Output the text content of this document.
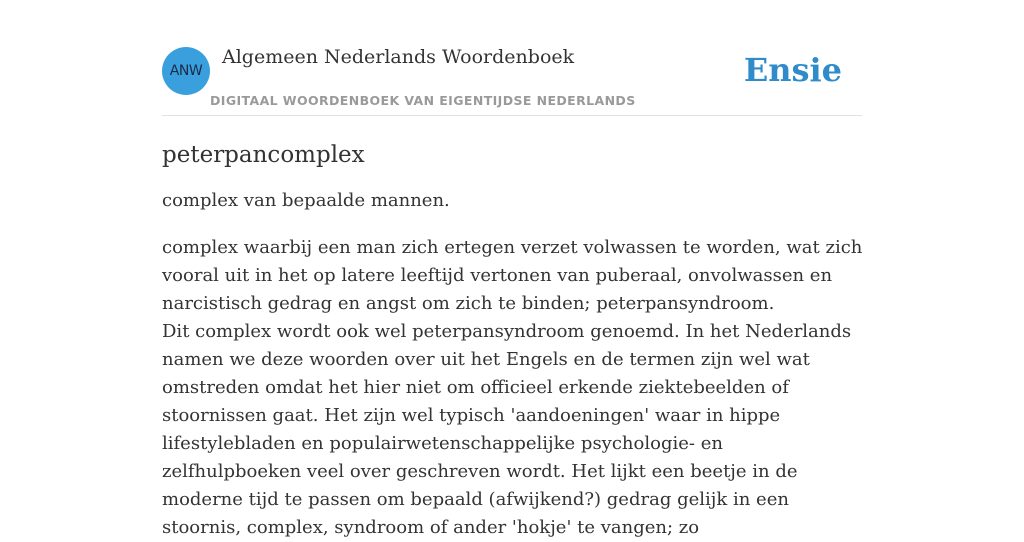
ANW
Algemeen Nederlands Woordenboek
DIGITAAL WOORDENBOEK VAN EIGENTIJDSE NEDERLANDS
Ensie
peterpancomplex

complex van bepaalde mannen.

complex waarbij een man zich ertegen verzet volwassen te worden, wat zich vooral uit in het op latere leeftijd vertonen van puberaal, onvolwassen en narcistisch gedrag en angst om zich te binden; peterpansyndroom.

Dit complex wordt ook wel peterpansyndroom genoemd. In het Nederlands namen we deze woorden over uit het Engels en de termen zijn wel wat omstreden omdat het hier niet om officieel erkende ziektebeelden of stoornissen gaat. Het zijn wel typisch 'aandoeningen' waar in hippe lifestylebladen en populairwetenschappelijke psychologie- en zelfhulpboeken veel over geschreven wordt. Het lijkt een beetje in de moderne tijd te passen om bepaald (afwijkend?) gedrag gelijk in een stoornis, complex, syndroom of ander 'hokje' te vangen; zo
